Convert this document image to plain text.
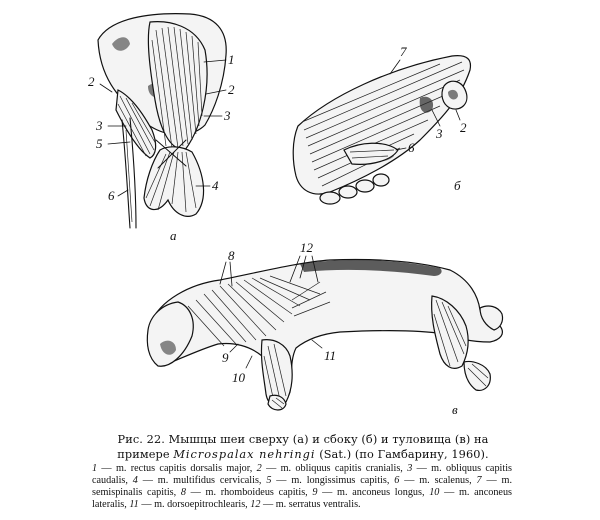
1
2
3
4
2
3
5
6
а
7
3 2
6
б
8
12
9
10
11
в
Рис. 22. Мышцы шеи сверху (а) и сбоку (б) и туловища (в) на
примере Microspalax nehringi (Sat.) (по Гамбарину, 1960).
1 — m. rectus capitis dorsalis major, 2 — m. obliquus capitis cranialis, 3 — m. obliquus capitis caudalis, 4 — m. multifidus cervicalis, 5 — m. longissimus capitis, 6 — m. scalenus, 7 — m. semispinalis capitis, 8 — m. rhomboideus capitis, 9 — m. anconeus longus, 10 — m. anconeus lateralis, 11 — m. dorsoepitrochlearis, 12 — m. serratus ventralis.
